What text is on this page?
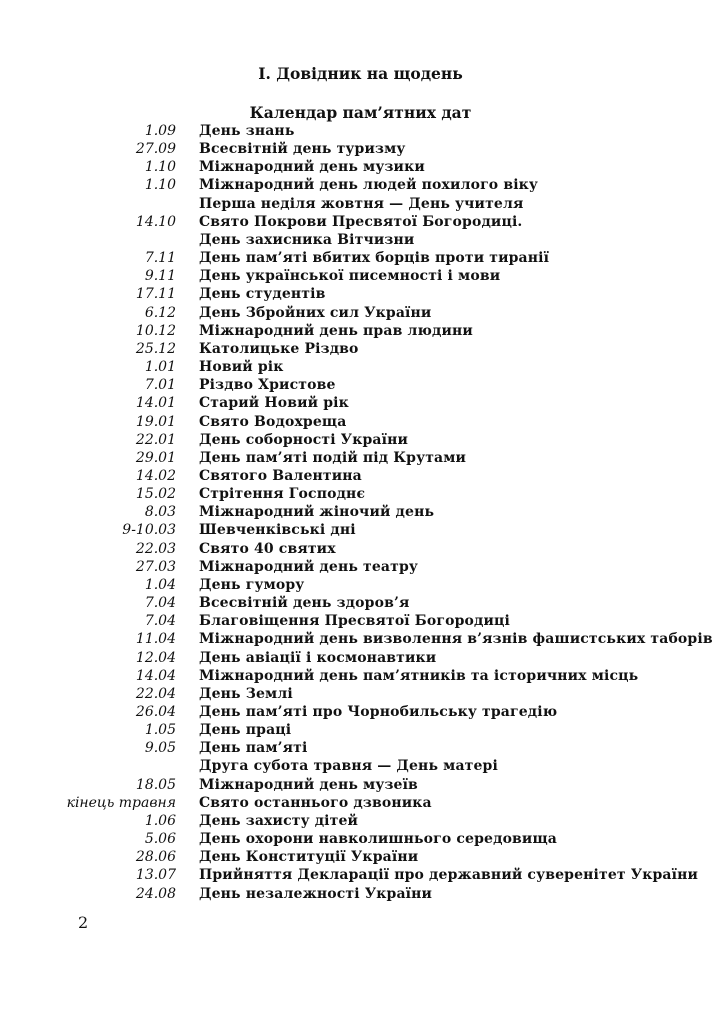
I. Довідник на щодень
Календар пам’ятних дат
1.09 День знань
27.09 Всесвітній день туризму
1.10 Міжнародний день музики
1.10 Міжнародний день людей похилого віку
Перша неділя жовтня — День учителя
14.10 Свято Покрови Пресвятої Богородиці.
День захисника Вітчизни
7.11 День пам’яті вбитих борців проти тиранії
9.11 День української писемності і мови
17.11 День студентів
6.12 День Збройних сил України
10.12 Міжнародний день прав людини
25.12 Католицьке Різдво
1.01 Новий рік
7.01 Різдво Христове
14.01 Старий Новий рік
19.01 Свято Водохреща
22.01 День соборності України
29.01 День пам’яті подій під Крутами
14.02 Святого Валентина
15.02 Стрітення Господнє
8.03 Міжнародний жіночий день
9-10.03 Шевченківські дні
22.03 Свято 40 святих
27.03 Міжнародний день театру
1.04 День гумору
7.04 Всесвітній день здоров’я
7.04 Благовіщення Пресвятої Богородиці
11.04 Міжнародний день визволення в’язнів фашистських таборів
12.04 День авіації і космонавтики
14.04 Міжнародний день пам’ятників та історичних місць
22.04 День Землі
26.04 День пам’яті про Чорнобильську трагедію
1.05 День праці
9.05 День пам’яті
Друга субота травня — День матері
18.05 Міжнародний день музеїв
кінець травня Свято останнього дзвоника
1.06 День захисту дітей
5.06 День охорони навколишнього середовища
28.06 День Конституції України
13.07 Прийняття Декларації про державний суверенітет України
24.08 День незалежності України
2
